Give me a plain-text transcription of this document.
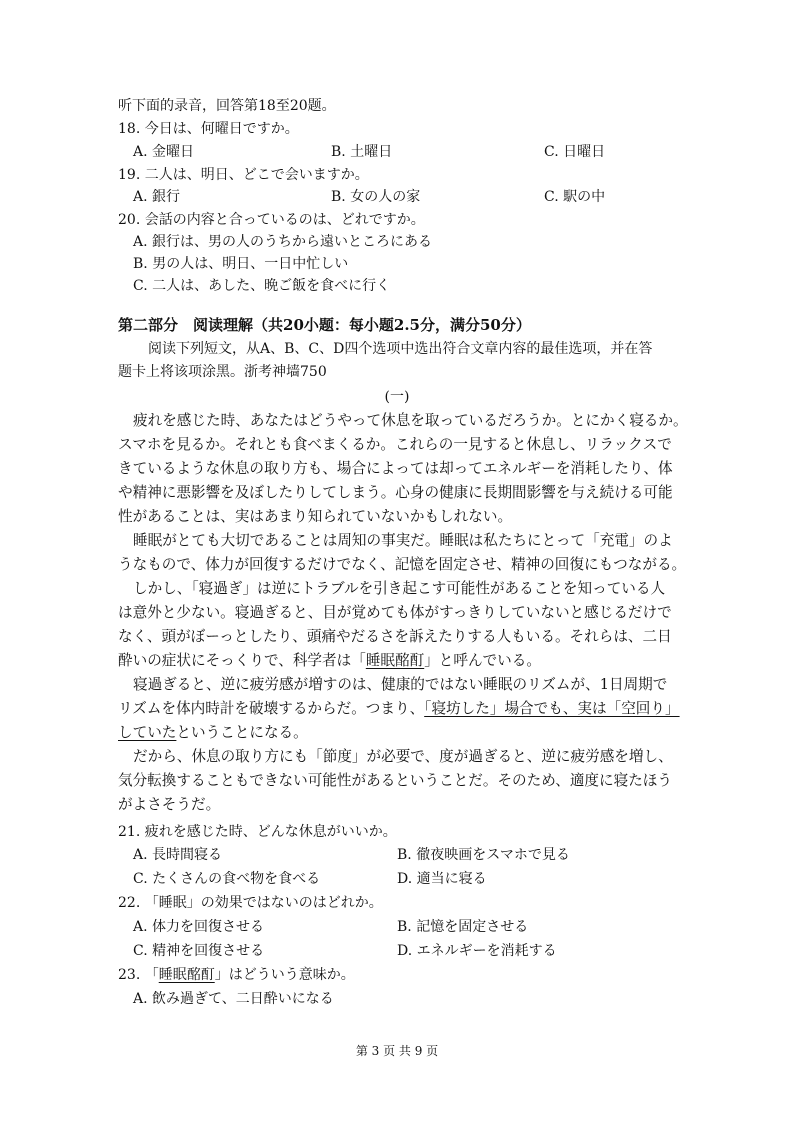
听下面的录音，回答第18至20题。
18. 今日は、何曜日ですか。
A. 金曜日	B. 土曜日	C. 日曜日
19. 二人は、明日、どこで会いますか。
A. 銀行	B. 女の人の家	C. 駅の中
20. 会話の内容と合っているのは、どれですか。
A. 銀行は、男の人のうちから遠いところにある
B. 男の人は、明日、一日中忙しい
C. 二人は、あした、晩ご飯を食べに行く
第二部分　阅读理解（共20小题：每小题2.5分，满分50分）
阅读下列短文，从A、B、C、D四个选项中选出符合文章内容的最佳选项，并在答
题卡上将该项涂黑。浙考神墙750
(一)
疲れを感じた時、あなたはどうやって休息を取っているだろうか。とにかく寝るか。
スマホを見るか。それとも食べまくるか。これらの一見すると休息し、リラックスで
きているような休息の取り方も、場合によっては却ってエネルギーを消耗したり、体
や精神に悪影響を及ぼしたりしてしまう。心身の健康に長期間影響を与え続ける可能
性があることは、実はあまり知られていないかもしれない。
睡眠がとても大切であることは周知の事実だ。睡眠は私たちにとって「充電」のよ
うなもので、体力が回復するだけでなく、記憶を固定させ、精神の回復にもつながる。
しかし、「寝過ぎ」は逆にトラブルを引き起こす可能性があることを知っている人
は意外と少ない。寝過ぎると、目が覚めても体がすっきりしていないと感じるだけで
なく、頭がぼーっとしたり、頭痛やだるさを訴えたりする人もいる。それらは、二日
酔いの症状にそっくりで、科学者は「睡眠酩酊」と呼んでいる。
寝過ぎると、逆に疲労感が増すのは、健康的ではない睡眠のリズムが、1日周期で
リズムを体内時計を破壊するからだ。つまり、「寝坊した」場合でも、実は「空回り」
していたということになる。
だから、休息の取り方にも「節度」が必要で、度が過ぎると、逆に疲労感を増し、
気分転換することもできない可能性があるということだ。そのため、適度に寝たほう
がよさそうだ。
21. 疲れを感じた時、どんな休息がいいか。
A. 長時間寝る	B. 徹夜映画をスマホで見る
C. たくさんの食べ物を食べる	D. 適当に寝る
22. 「睡眠」の効果ではないのはどれか。
A. 体力を回復させる	B. 記憶を固定させる
C. 精神を回復させる	D. エネルギーを消耗する
23. 「睡眠酩酊」はどういう意味か。
A. 飲み過ぎて、二日酔いになる
第 3 页 共 9 页
